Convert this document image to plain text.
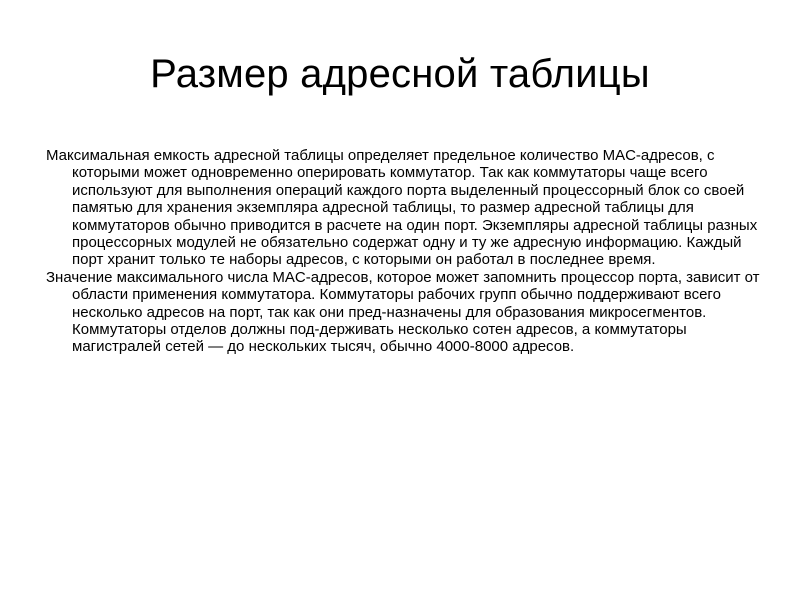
Размер адресной таблицы

Максимальная емкость адресной таблицы определяет предельное количество MAC-адресов, с которыми может одновременно оперировать коммутатор. Так как коммутаторы чаще всего используют для выполнения операций каждого порта выделенный процессорный блок со своей памятью для хранения экземпляра адресной таблицы, то размер адресной таблицы для коммутаторов обычно приводится в расчете на один порт. Экземпляры адресной таблицы разных процессорных модулей не обязательно содержат одну и ту же адресную информацию. Каждый порт хранит только те наборы адресов, с которыми он работал в последнее время.

Значение максимального числа MAC-адресов, которое может запомнить процессор порта, зависит от области применения коммутатора. Коммутаторы рабочих групп обычно поддерживают всего несколько адресов на порт, так как они пред-назначены для образования микросегментов. Коммутаторы отделов должны под-держивать несколько сотен адресов, а коммутаторы магистралей сетей — до нескольких тысяч, обычно 4000-8000 адресов.
